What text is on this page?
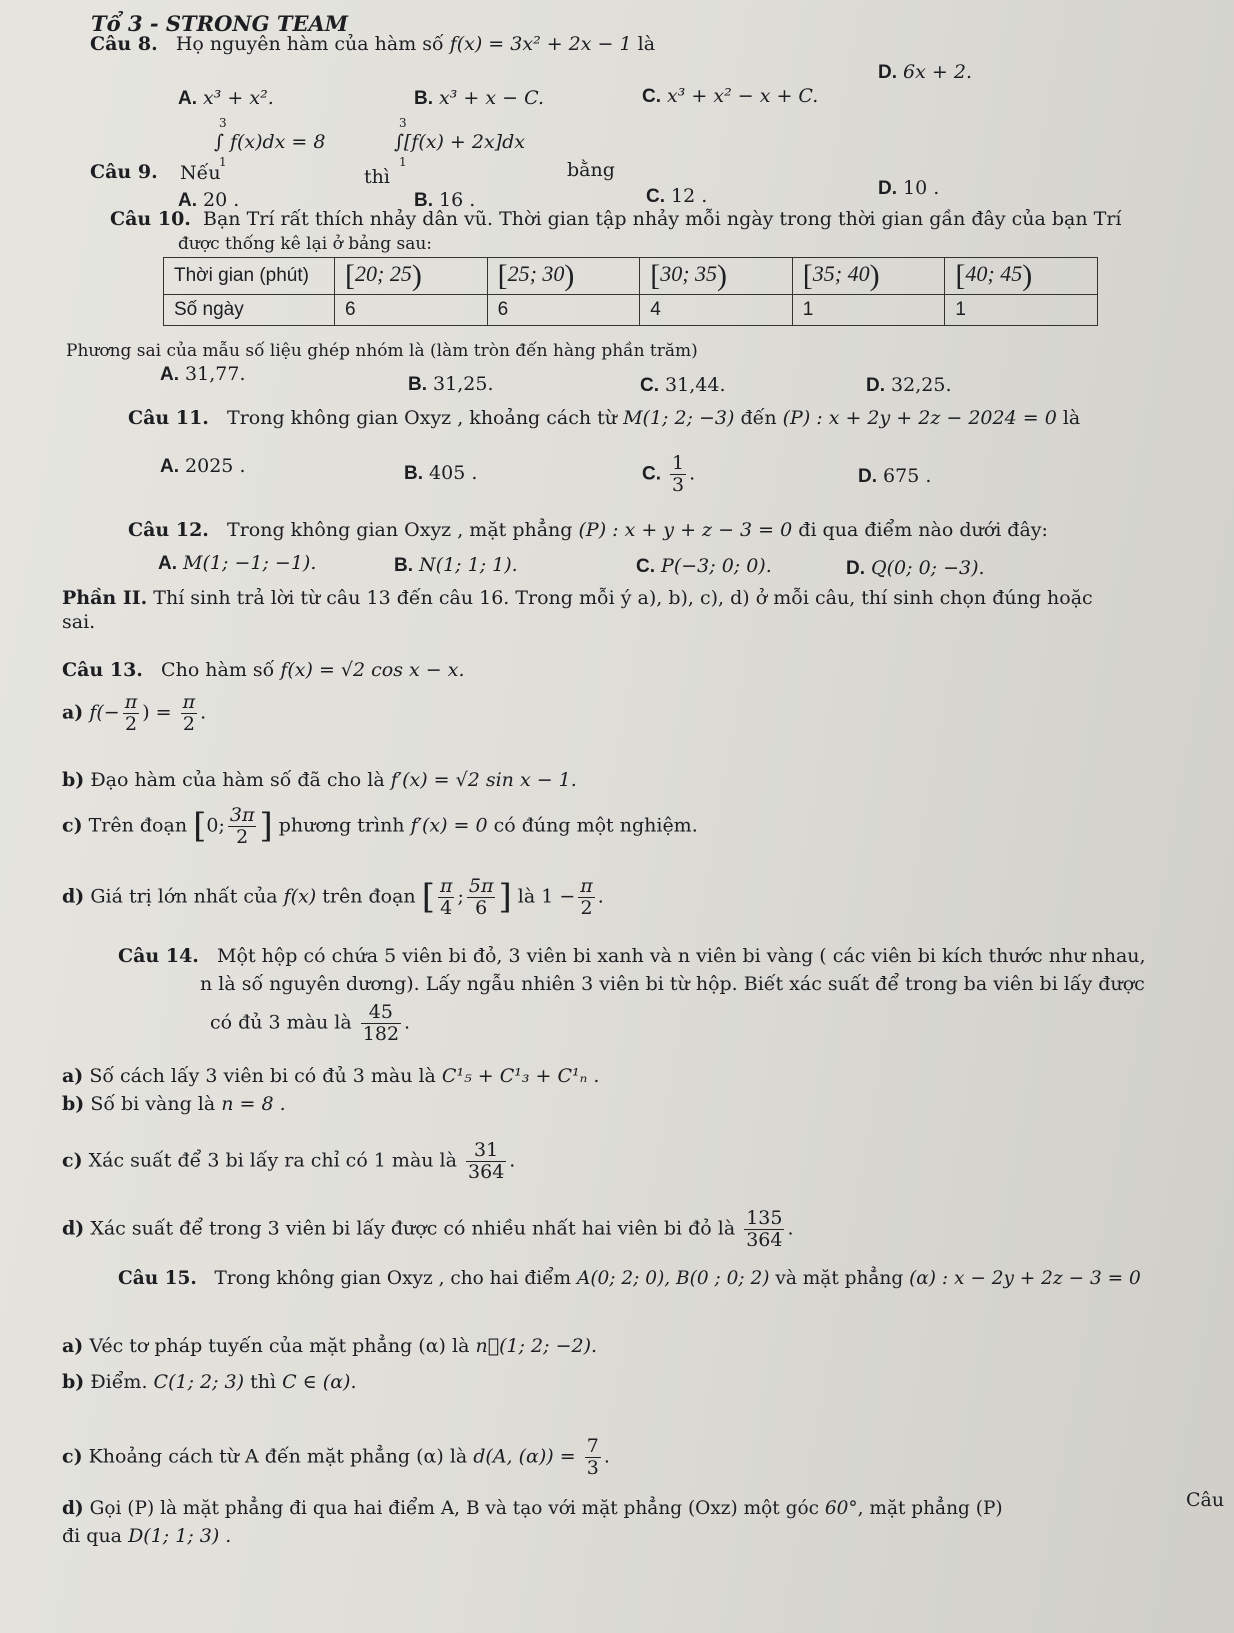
Tổ 3 - STRONG TEAM
Câu 8. Họ nguyên hàm của hàm số f(x) = 3x² + 2x − 1 là
A. x³ + x².	B. x³ + x − C.	C. x³ + x² − x + C.
D. 6x + 2.
Câu 9. Nếu
3
∫ f(x)dx = 8
1
thì
3
∫[f(x) + 2x]dx
1	bằng
A. 20 .	B. 16 .	C. 12 .	D. 10 .
Câu 10. Bạn Trí rất thích nhảy dân vũ. Thời gian tập nhảy mỗi ngày trong thời gian gần đây của bạn Trí
được thống kê lại ở bảng sau:
Thời gian (phút)	[20; 25)	[25; 30)	[30; 35)	[35; 40)	[40; 45)
Số ngày	6	6	4	1	1
Phương sai của mẫu số liệu ghép nhóm là (làm tròn đến hàng phần trăm)
A. 31,77.	B. 31,25.	C. 31,44.	D. 32,25.
Câu 11. Trong không gian Oxyz , khoảng cách từ M(1; 2; −3) đến (P) : x + 2y + 2z − 2024 = 0 là
A. 2025 .	B. 405 .	C. $\frac{1}{3}$ .	D. 675 .
Câu 12. Trong không gian Oxyz , mặt phẳng (P) : x + y + z − 3 = 0 đi qua điểm nào dưới đây:
A. M(1; −1; −1).	B. N(1; 1; 1).	C. P(−3; 0; 0).	D. Q(0; 0; −3).
Phần II. Thí sinh trả lời từ câu 13 đến câu 16. Trong mỗi ý a), b), c), d) ở mỗi câu, thí sinh chọn đúng hoặc
sai.
Câu 13. Cho hàm số f(x) = √2 cos x − x.
a) $f(- \frac{\pi}{2}$ ) = $\frac{\pi}{2}$ .
b) Đạo hàm của hàm số đã cho là f′(x) = √2 sin x − 1.
c) Trên đoạn [0; $\frac{3\pi}{2}$ ] phương trình f′(x) = 0 có đúng một nghiệm.
d) Giá trị lớn nhất của f(x) trên đoạn [ $\frac{\pi}{4}$ ; $\frac{5\pi}{6}$ ] là $1 - \frac{\pi}{2}$ .
Câu 14. Một hộp có chứa 5 viên bi đỏ, 3 viên bi xanh và n viên bi vàng ( các viên bi kích thước như nhau,
n là số nguyên dương). Lấy ngẫu nhiên 3 viên bi từ hộp. Biết xác suất để trong ba viên bi lấy được
có đủ 3 màu là $\frac{45}{182}$ .
a) Số cách lấy 3 viên bi có đủ 3 màu là C¹₅ + C¹₃ + C¹ₙ .
b) Số bi vàng là n = 8 .
c) Xác suất để 3 bi lấy ra chỉ có 1 màu là $\frac{31}{364}$ .
d) Xác suất để trong 3 viên bi lấy được có nhiều nhất hai viên bi đỏ là $\frac{135}{364}$ .
Câu 15. Trong không gian Oxyz , cho hai điểm A(0; 2; 0), B(0 ; 0; 2) và mặt phẳng (α) : x − 2y + 2z − 3 = 0
a) Véc tơ pháp tuyến của mặt phẳng (α) là n⃗(1; 2; −2).
b) Điểm. C(1; 2; 3) thì C ∈ (α).
c) Khoảng cách từ A đến mặt phẳng (α) là d(A, $(\alpha)) = \frac{7}{3}$ .
d) Gọi (P) là mặt phẳng đi qua hai điểm A, B và tạo với mặt phẳng (Oxz) một góc 60°, mặt phẳng (P)
đi qua D(1; 1; 3) .
Câu
